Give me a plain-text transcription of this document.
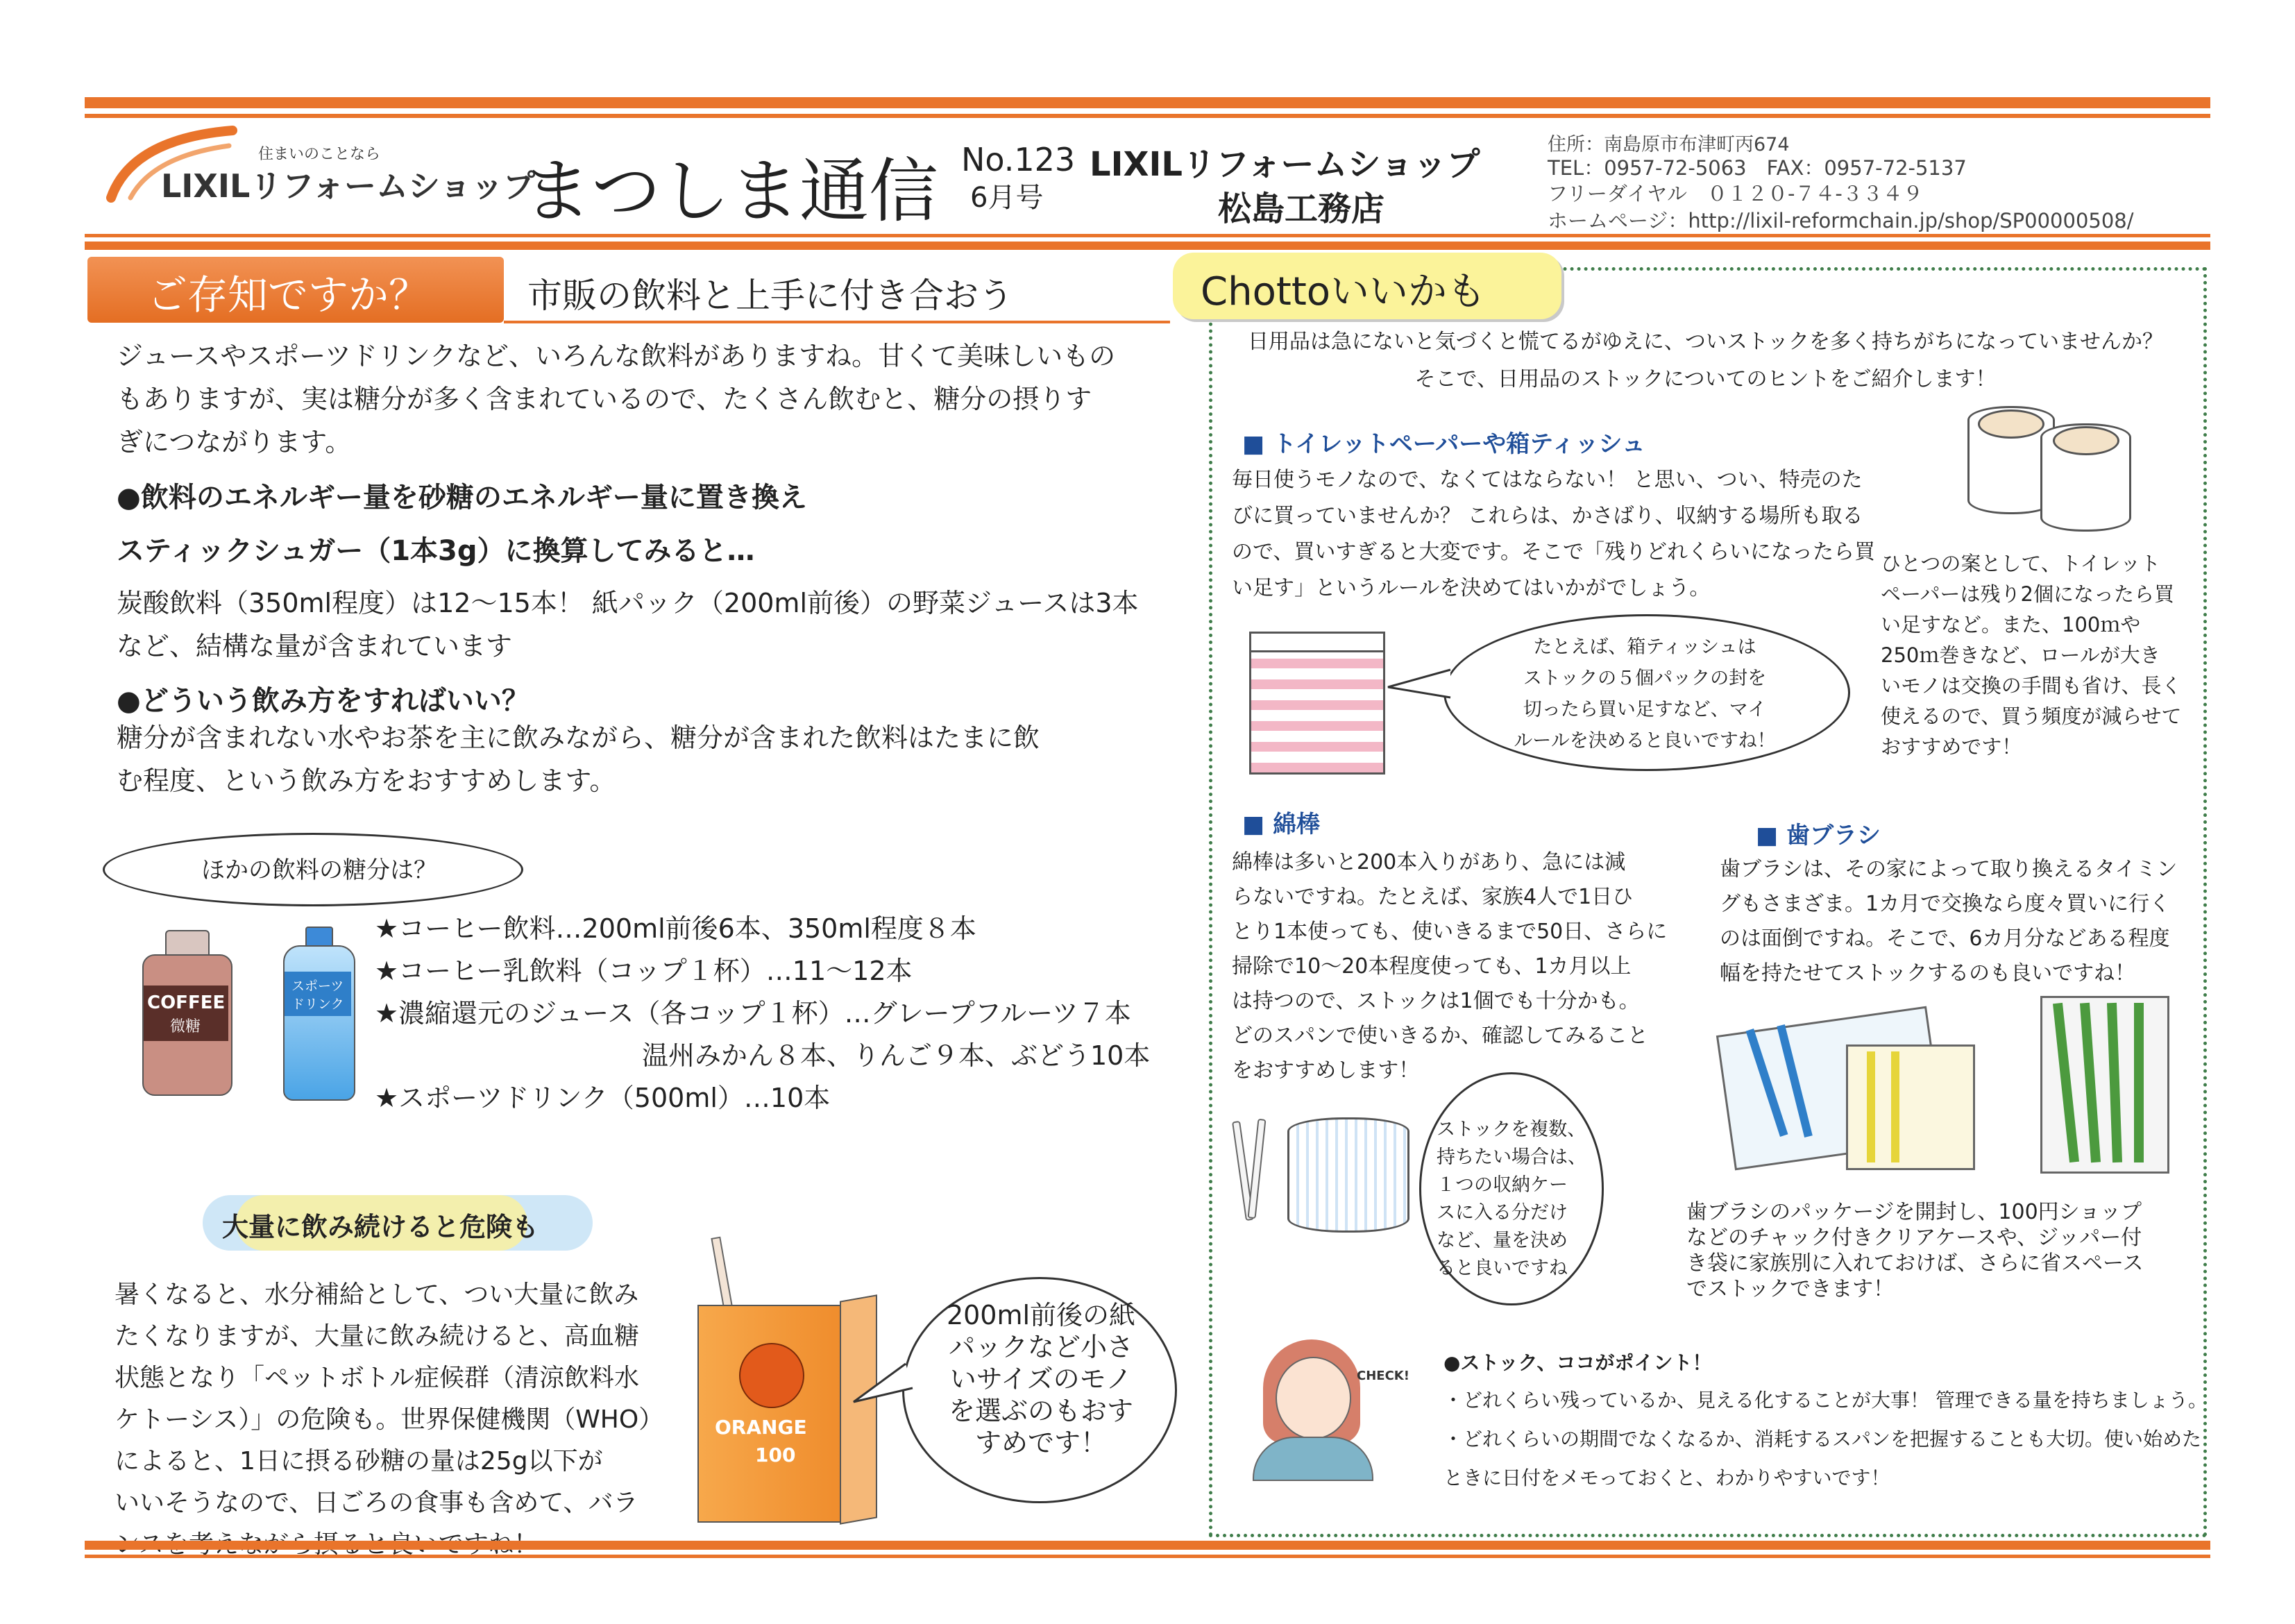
住まいのことなら
LIXILリフォームショップ
まつしま通信 No.123
6月号
LIXILリフォームショップ
松島工務店
住所：南島原市布津町丙674
TEL：0957-72-5063　FAX：0957-72-5137
フリーダイヤル　０１２０-７４-３３４９
ホームページ：http://lixil-reformchain.jp/shop/SP00000508/
ご存知ですか？	市販の飲料と上手に付き合おう
ジュースやスポーツドリンクなど、いろんな飲料がありますね。甘くて美味しいもの
もありますが、実は糖分が多く含まれているので、たくさん飲むと、糖分の摂りす
ぎにつながります。
●飲料のエネルギー量を砂糖のエネルギー量に置き換え
スティックシュガー（1本3g）に換算してみると…
炭酸飲料（350ml程度）は12～15本！ 紙パック（200ml前後）の野菜ジュースは3本
など、結構な量が含まれています
●どういう飲み方をすればいい？
糖分が含まれない水やお茶を主に飲みながら、糖分が含まれた飲料はたまに飲
む程度、という飲み方をおすすめします。
ほかの飲料の糖分は？
COFFEE
微糖
スポーツ
ドリンク
★コーヒー飲料…200ml前後6本、350ml程度８本
★コーヒー乳飲料（コップ１杯）…11～12本
★濃縮還元のジュース（各コップ１杯）…グレープフルーツ７本
温州みかん８本、りんご９本、ぶどう10本
★スポーツドリンク（500ml）…10本
大量に飲み続けると危険も
暑くなると、水分補給として、つい大量に飲み
たくなりますが、大量に飲み続けると、高血糖
状態となり「ペットボトル症候群（清涼飲料水
ケトーシス）」の危険も。世界保健機関（WHO）
によると、1日に摂る砂糖の量は25g以下が
いいそうなので、日ごろの食事も含めて、バラ
ORANGE
100
200ml前後の紙
パックなど小さ
いサイズのモノ
を選ぶのもおす
すめです！
Chottoいいかも
日用品は急にないと気づくと慌てるがゆえに、ついストックを多く持ちがちになっていませんか？
そこで、日用品のストックについてのヒントをご紹介します！
■ トイレットペーパーや箱ティッシュ
毎日使うモノなので、なくてはならない！ と思い、つい、特売のた
びに買っていませんか？ これらは、かさばり、収納する場所も取る
ので、買いすぎると大変です。そこで「残りどれくらいになったら買
い足す」というルールを決めてはいかがでしょう。
ひとつの案として、トイレット
ペーパーは残り2個になったら買
い足すなど。また、100ｍや
250ｍ巻きなど、ロールが大き
いモノは交換の手間も省け、長く
使えるので、買う頻度が減らせて
おすすめです！
たとえば、箱ティッシュは
ストックの５個パックの封を
切ったら買い足すなど、マイ
ルールを決めると良いですね！
■ 綿棒
綿棒は多いと200本入りがあり、急には減
らないですね。たとえば、家族4人で1日ひ
とり1本使っても、使いきるまで50日、さらに
掃除で10～20本程度使っても、1カ月以上
は持つので、ストックは1個でも十分かも。
どのスパンで使いきるか、確認してみること
をおすすめします！
ストックを複数、
持ちたい場合は、
１つの収納ケー
スに入る分だけ
など、量を決め
ると良いですね
■ 歯ブラシ
歯ブラシは、その家によって取り換えるタイミン
グもさまざま。1カ月で交換なら度々買いに行く
のは面倒ですね。そこで、6カ月分などある程度
幅を持たせてストックするのも良いですね！
歯ブラシのパッケージを開封し、100円ショップ
などのチャック付きクリアケースや、ジッパー付
き袋に家族別に入れておけば、さらに省スペース
でストックできます！
CHECK!
●ストック、ココがポイント！
・どれくらい残っているか、見える化することが大事！ 管理できる量を持ちましょう。
・どれくらいの期間でなくなるか、消耗するスパンを把握することも大切。使い始めた
ときに日付をメモっておくと、わかりやすいです！
